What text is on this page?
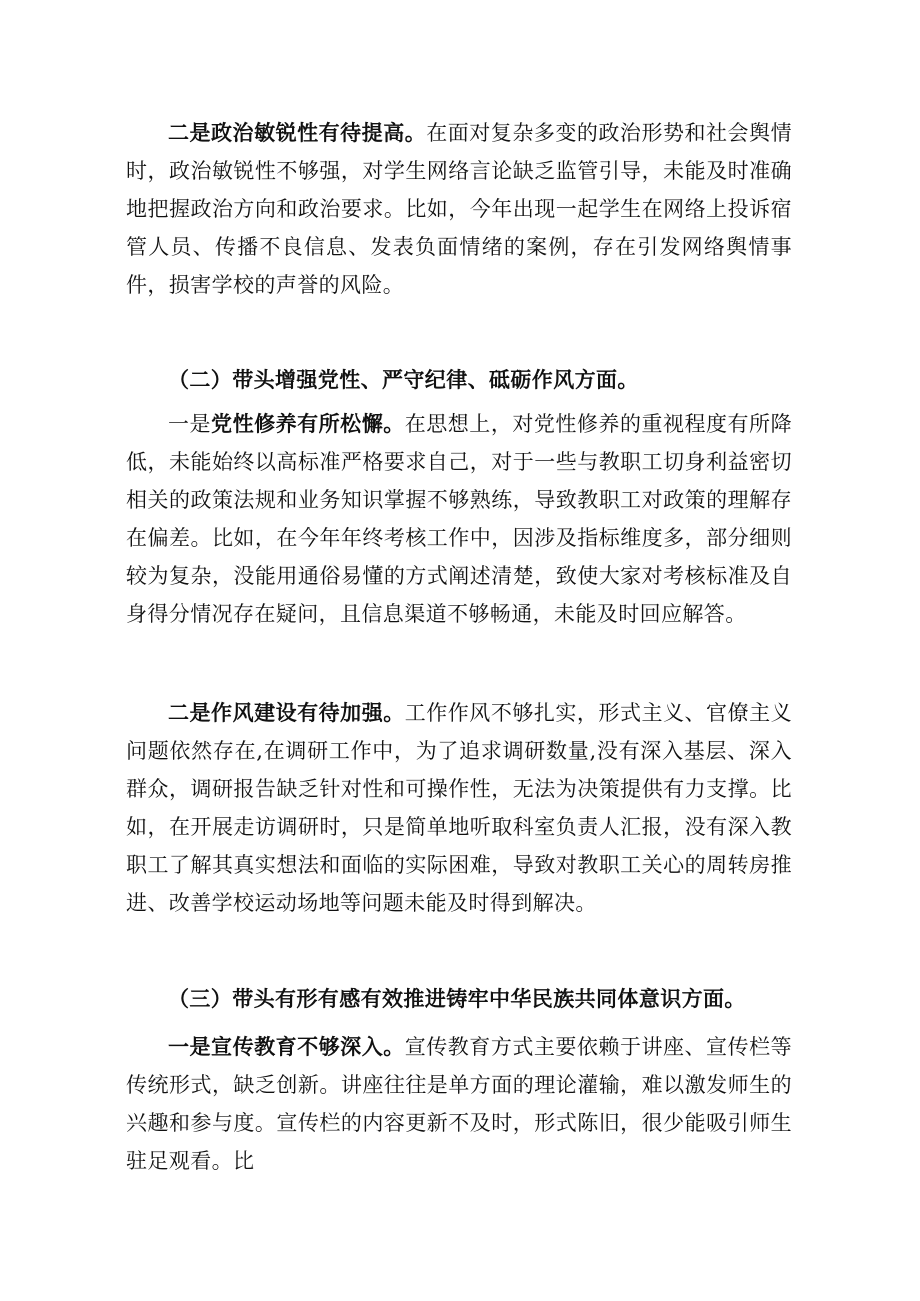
二是政治敏锐性有待提高。在面对复杂多变的政治形势和社会舆情时，政治敏锐性不够强，对学生网络言论缺乏监管引导，未能及时准确地把握政治方向和政治要求。比如，今年出现一起学生在网络上投诉宿管人员、传播不良信息、发表负面情绪的案例，存在引发网络舆情事件，损害学校的声誉的风险。

（二）带头增强党性、严守纪律、砥砺作风方面。

一是党性修养有所松懈。在思想上，对党性修养的重视程度有所降低，未能始终以高标准严格要求自己，对于一些与教职工切身利益密切相关的政策法规和业务知识掌握不够熟练，导致教职工对政策的理解存在偏差。比如，在今年年终考核工作中，因涉及指标维度多，部分细则较为复杂，没能用通俗易懂的方式阐述清楚，致使大家对考核标准及自身得分情况存在疑问，且信息渠道不够畅通，未能及时回应解答。

二是作风建设有待加强。工作作风不够扎实，形式主义、官僚主义问题依然存在,在调研工作中，为了追求调研数量,没有深入基层、深入群众，调研报告缺乏针对性和可操作性，无法为决策提供有力支撑。比如，在开展走访调研时，只是简单地听取科室负责人汇报，没有深入教职工了解其真实想法和面临的实际困难，导致对教职工关心的周转房推进、改善学校运动场地等问题未能及时得到解决。

（三）带头有形有感有效推进铸牢中华民族共同体意识方面。

一是宣传教育不够深入。宣传教育方式主要依赖于讲座、宣传栏等传统形式，缺乏创新。讲座往往是单方面的理论灌输，难以激发师生的兴趣和参与度。宣传栏的内容更新不及时，形式陈旧，很少能吸引师生驻足观看。比
